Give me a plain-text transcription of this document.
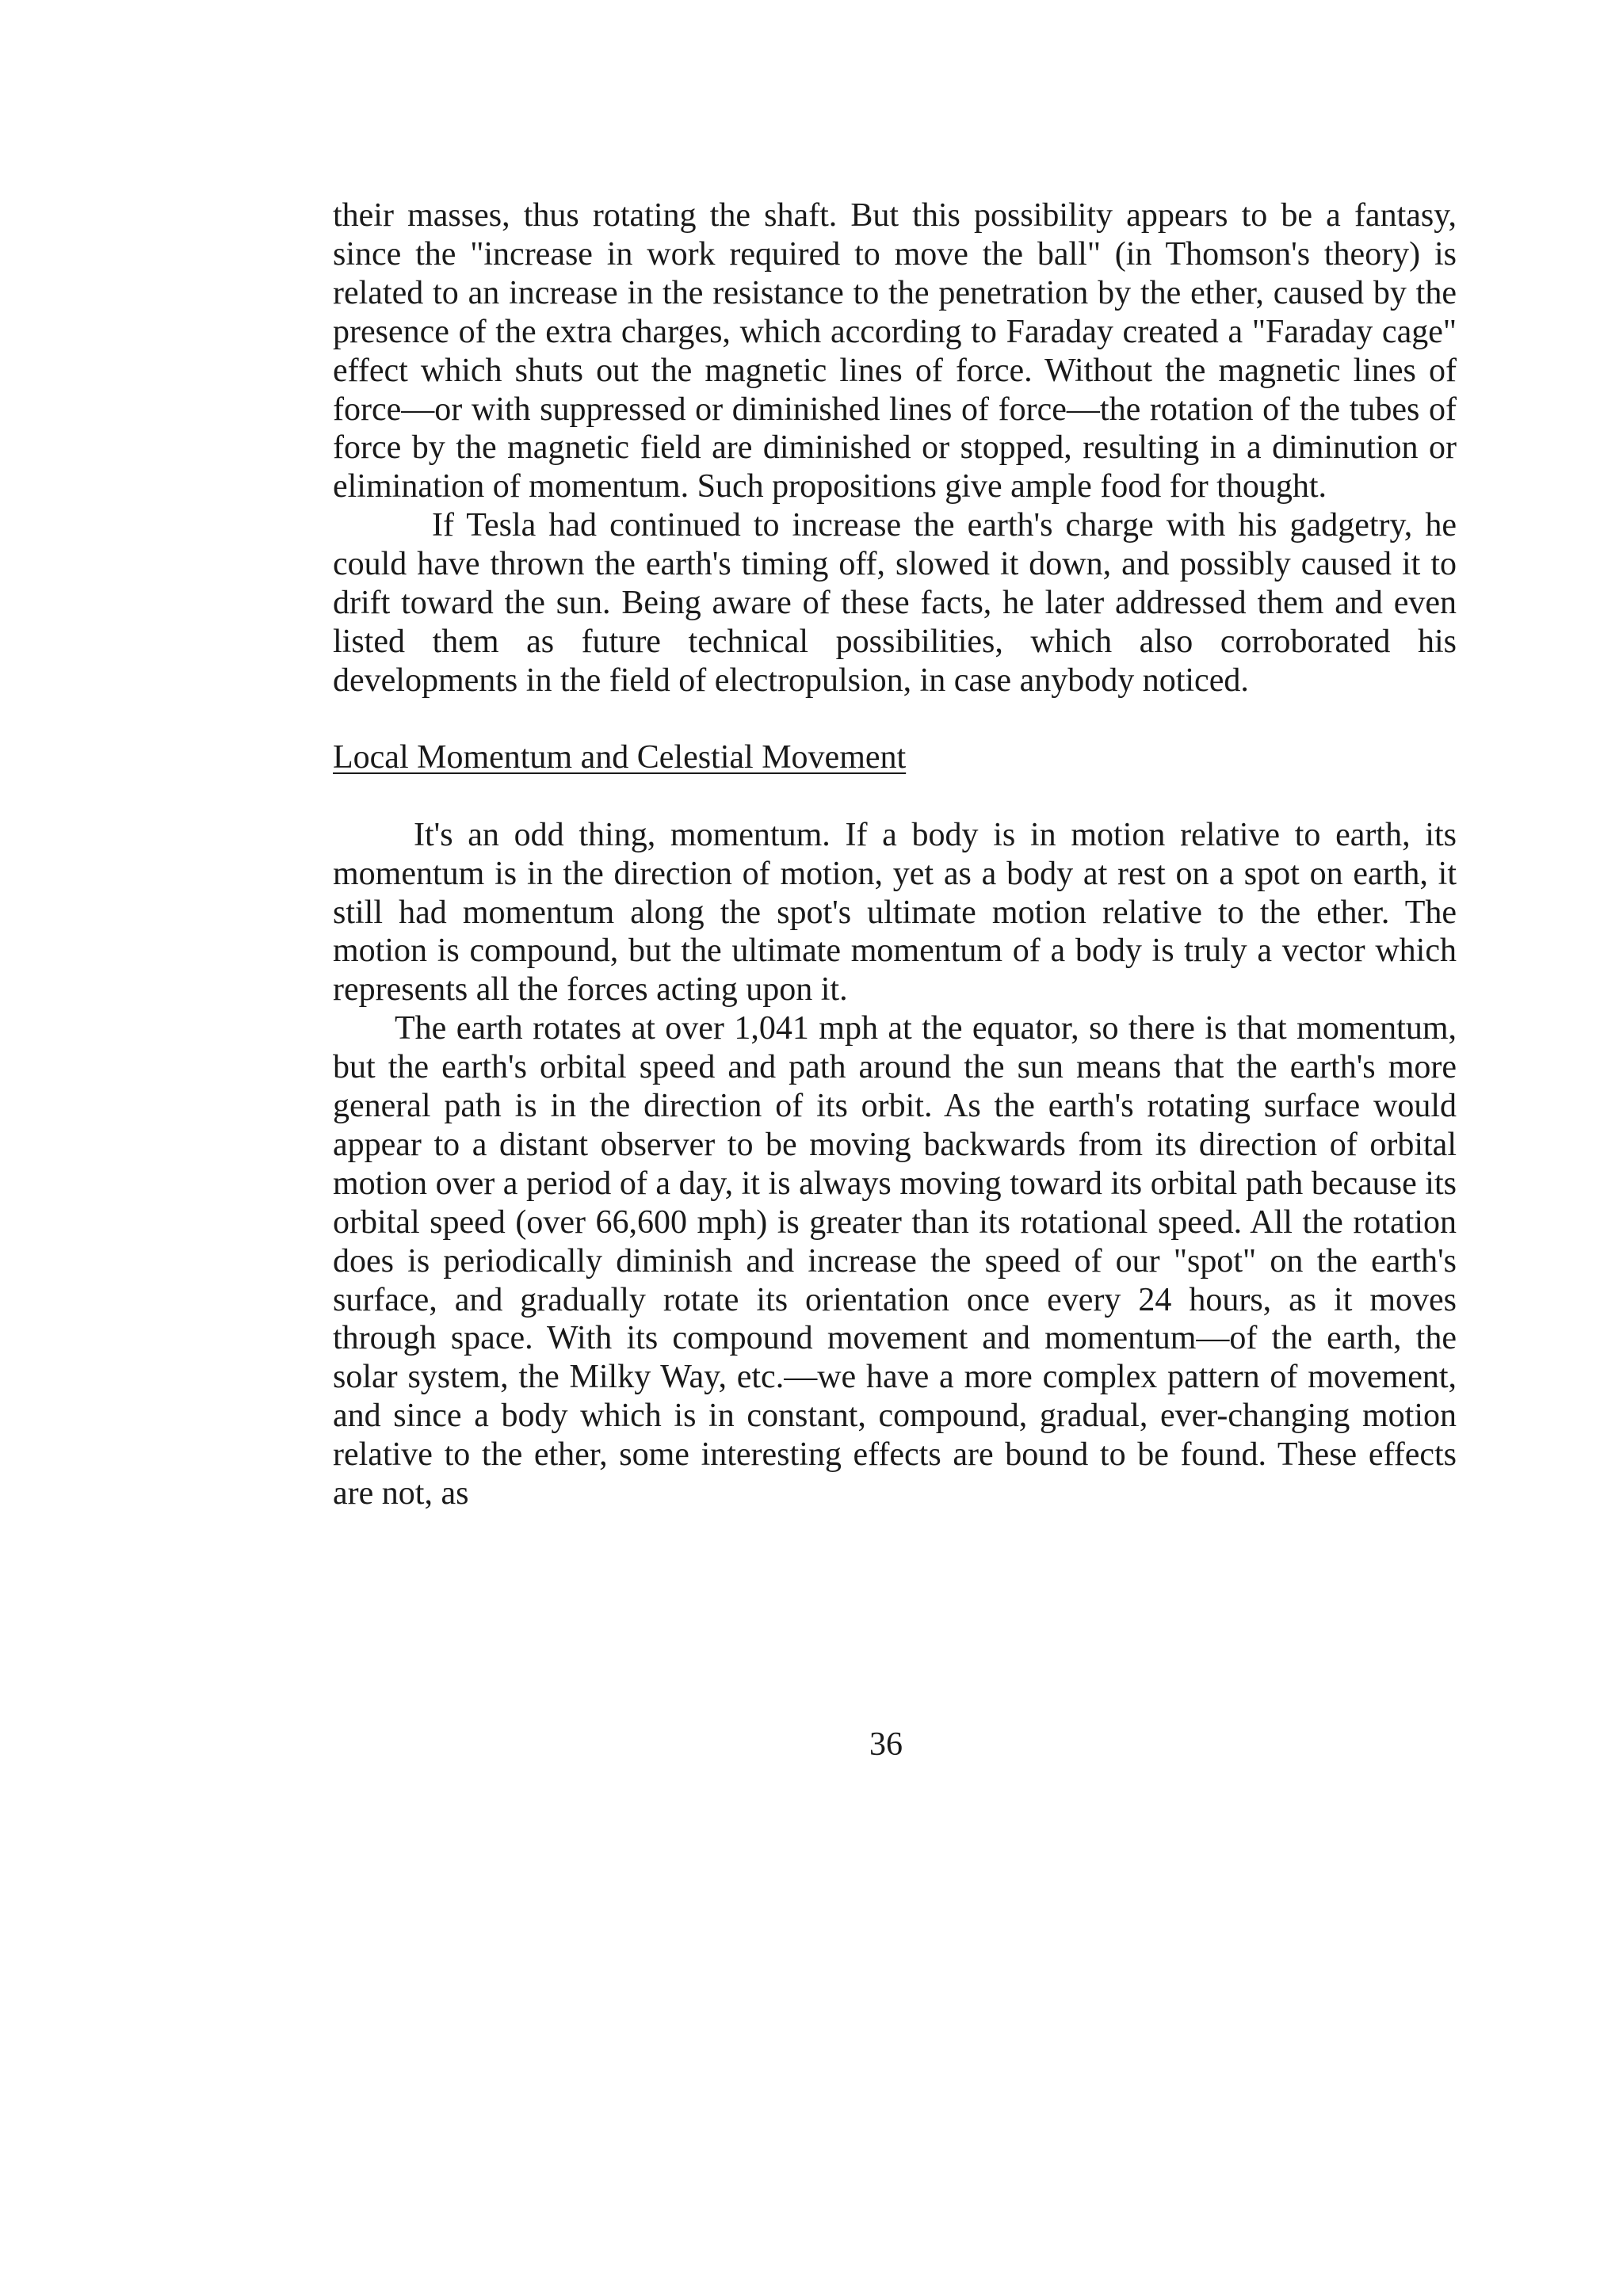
their masses, thus rotating the shaft. But this possibility appears to be a fantasy, since the "increase in work required to move the ball" (in Thomson's theory) is related to an increase in the resistance to the penetration by the ether, caused by the presence of the extra charges, which according to Faraday created a "Faraday cage" effect which shuts out the magnetic lines of force. Without the magnetic lines of force—or with suppressed or diminished lines of force—the rotation of the tubes of force by the magnetic field are diminished or stopped, resulting in a diminution or elimination of momentum. Such propositions give ample food for thought.

If Tesla had continued to increase the earth's charge with his gadgetry, he could have thrown the earth's timing off, slowed it down, and possibly caused it to drift toward the sun. Being aware of these facts, he later addressed them and even listed them as future technical possibilities, which also corroborated his developments in the field of electropulsion, in case anybody noticed.

Local Momentum and Celestial Movement

It's an odd thing, momentum. If a body is in motion relative to earth, its momentum is in the direction of motion, yet as a body at rest on a spot on earth, it still had momentum along the spot's ultimate motion relative to the ether. The motion is compound, but the ultimate momentum of a body is truly a vector which represents all the forces acting upon it.

The earth rotates at over 1,041 mph at the equator, so there is that momentum, but the earth's orbital speed and path around the sun means that the earth's more general path is in the direction of its orbit. As the earth's rotating surface would appear to a distant observer to be moving backwards from its direction of orbital motion over a period of a day, it is always moving toward its orbital path because its orbital speed (over 66,600 mph) is greater than its rotational speed. All the rotation does is periodically diminish and increase the speed of our "spot" on the earth's surface, and gradually rotate its orientation once every 24 hours, as it moves through space. With its compound movement and momentum—of the earth, the solar system, the Milky Way, etc.—we have a more complex pattern of movement, and since a body which is in constant, compound, gradual, ever-changing motion relative to the ether, some interesting effects are bound to be found. These effects are not, as

36
